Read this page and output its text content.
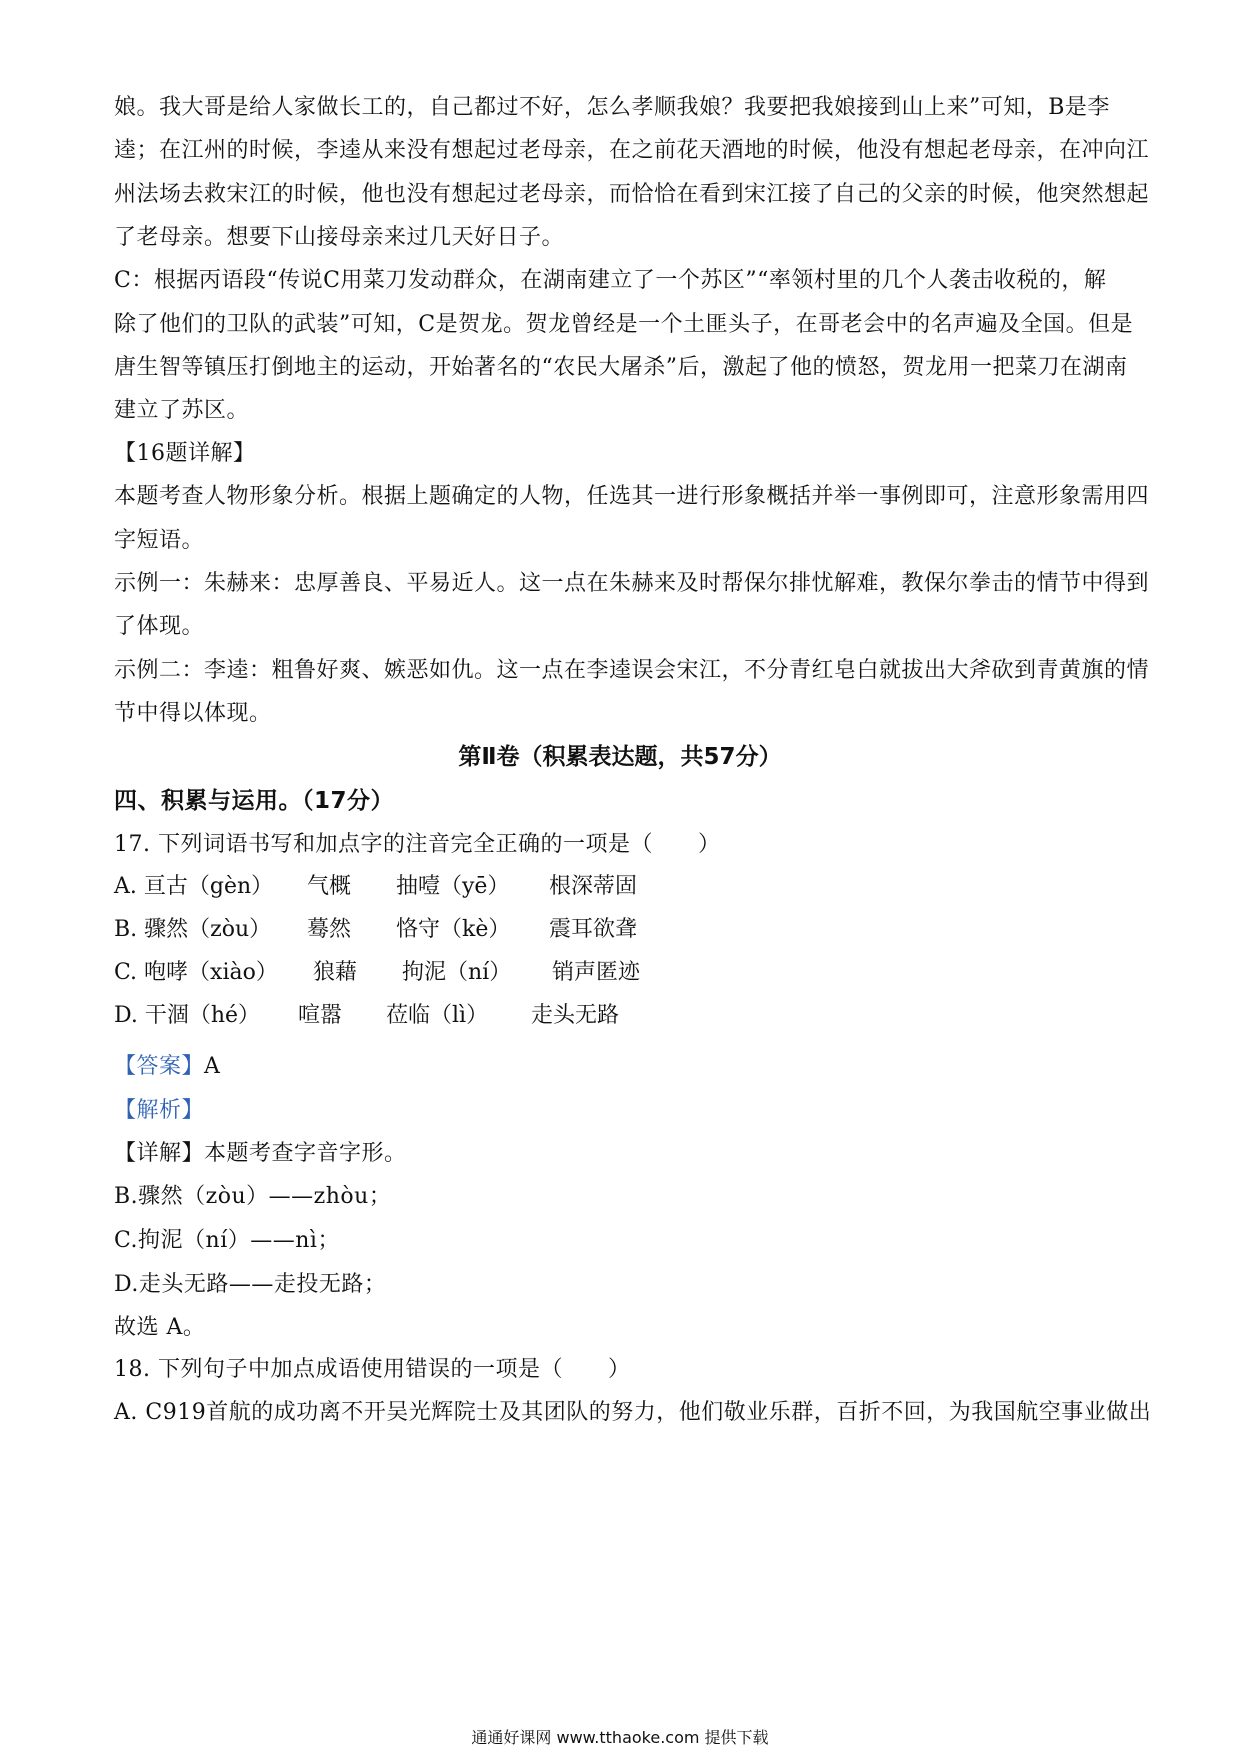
娘。我大哥是给人家做长工的，自己都过不好，怎么孝顺我娘？我要把我娘接到山上来”可知，B是李
逵；在江州的时候，李逵从来没有想起过老母亲，在之前花天酒地的时候，他没有想起老母亲，在冲向江
州法场去救宋江的时候，他也没有想起过老母亲，而恰恰在看到宋江接了自己的父亲的时候，他突然想起
了老母亲。想要下山接母亲来过几天好日子。
C：根据丙语段“传说C用菜刀发动群众，在湖南建立了一个苏区”“率领村里的几个人袭击收税的，解
除了他们的卫队的武装”可知，C是贺龙。贺龙曾经是一个土匪头子，在哥老会中的名声遍及全国。但是
唐生智等镇压打倒地主的运动，开始著名的“农民大屠杀”后，激起了他的愤怒，贺龙用一把菜刀在湖南
建立了苏区。
【16题详解】
本题考查人物形象分析。根据上题确定的人物，任选其一进行形象概括并举一事例即可，注意形象需用四
字短语。
示例一：朱赫来：忠厚善良、平易近人。这一点在朱赫来及时帮保尔排忧解难，教保尔拳击的情节中得到
了体现。
示例二：李逵：粗鲁好爽、嫉恶如仇。这一点在李逵误会宋江，不分青红皂白就拔出大斧砍到青黄旗的情
节中得以体现。
第Ⅱ卷（积累表达题，共57分）
四、积累与运用。（17分）
17. 下列词语书写和加点字的注音完全正确的一项是（　　）
A. 亘古（gèn） 气概 抽噎（yē） 根深蒂固
B. 骤然（zòu） 蓦然 恪守（kè） 震耳欲聋
C. 咆哮（xiào） 狼藉 拘泥（ní） 销声匿迹
D. 干涸（hé） 喧嚣 莅临（lì） 走头无路
【答案】A
【解析】
【详解】本题考查字音字形。
B.骤然（zòu）——zhòu；
C.拘泥（ní）——nì；
D.走头无路——走投无路；
故选 A。
18. 下列句子中加点成语使用错误的一项是（　　）
A. C919首航的成功离不开吴光辉院士及其团队的努力，他们敬业乐群，百折不回，为我国航空事业做出
通通好课网 www.tthaoke.com 提供下载
